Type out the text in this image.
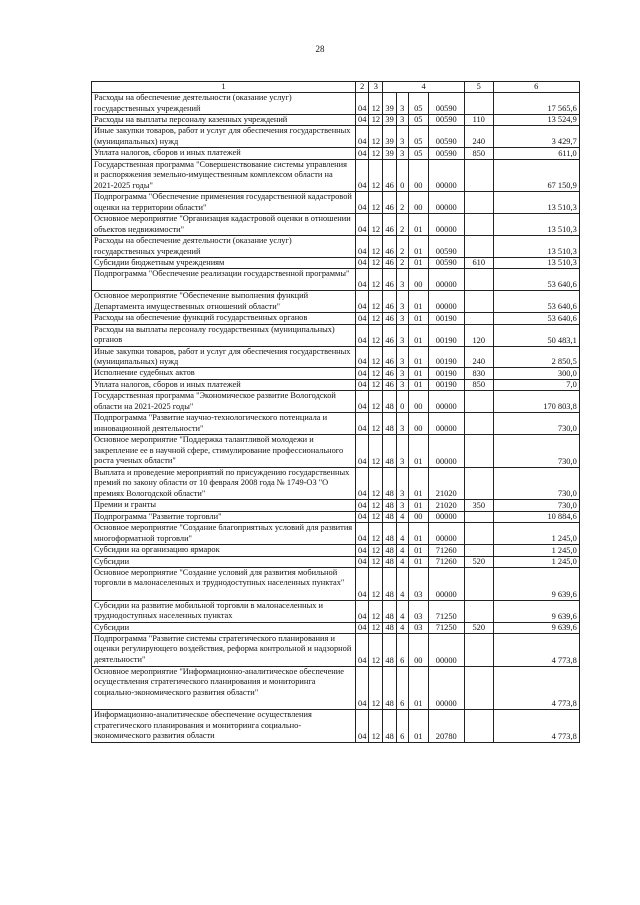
28
1	2	3	4				5	6
Расходы на обеспечение деятельности (оказание услуг) государственных учреждений	04	12	39	3	05	00590		17 565,6
Расходы на выплаты персоналу казенных учреждений	04	12	39	3	05	00590	110	13 524,9
Иные закупки товаров, работ и услуг для обеспечения государственных (муниципальных) нужд	04	12	39	3	05	00590	240	3 429,7
Уплата налогов, сборов и иных платежей	04	12	39	3	05	00590	850	611,0
Государственная программа "Совершенствование системы управления и распоряжения земельно-имущественным комплексом области на 2021-2025 годы"	04	12	46	0	00	00000		67 150,9
Подпрограмма "Обеспечение применения государственной кадастровой оценки на территории области"	04	12	46	2	00	00000		13 510,3
Основное мероприятие "Организация кадастровой оценки в отношении объектов недвижимости"	04	12	46	2	01	00000		13 510,3
Расходы на обеспечение деятельности (оказание услуг) государственных учреждений	04	12	46	2	01	00590		13 510,3
Субсидии бюджетным учреждениям	04	12	46	2	01	00590	610	13 510,3
Подпрограмма "Обеспечение реализации государственной программы"	04	12	46	3	00	00000		53 640,6
Основное мероприятие "Обеспечение выполнения функций Департамента имущественных отношений области"	04	12	46	3	01	00000		53 640,6
Расходы на обеспечение функций государственных органов	04	12	46	3	01	00190		53 640,6
Расходы на выплаты персоналу государственных (муниципальных) органов	04	12	46	3	01	00190	120	50 483,1
Иные закупки товаров, работ и услуг для обеспечения государственных (муниципальных) нужд	04	12	46	3	01	00190	240	2 850,5
Исполнение судебных актов	04	12	46	3	01	00190	830	300,0
Уплата налогов, сборов и иных платежей	04	12	46	3	01	00190	850	7,0
Государственная программа "Экономическое развитие Вологодской области на 2021-2025 годы"	04	12	48	0	00	00000		170 803,8
Подпрограмма "Развитие научно-технологического потенциала и инновационной деятельности"	04	12	48	3	00	00000		730,0
Основное мероприятие "Поддержка талантливой молодежи и закрепление ее в научной сфере, стимулирование профессионального роста ученых области"	04	12	48	3	01	00000		730,0
Выплата и проведение мероприятий по присуждению государственных премий по закону области от 10 февраля 2008 года № 1749-ОЗ "О премиях Вологодской области"	04	12	48	3	01	21020		730,0
Премии и гранты	04	12	48	3	01	21020	350	730,0
Подпрограмма "Развитие торговли"	04	12	48	4	00	00000		10 884,6
Основное мероприятие "Создание благоприятных условий для развития многоформатной торговли"	04	12	48	4	01	00000		1 245,0
Субсидии на организацию ярмарок	04	12	48	4	01	71260		1 245,0
Субсидии	04	12	48	4	01	71260	520	1 245,0
Основное мероприятие "Создание условий для развития мобильной торговли в малонаселенных и труднодоступных населенных пунктах"	04	12	48	4	03	00000		9 639,6
Субсидии на развитие мобильной торговли в малонаселенных и труднодоступных населенных пунктах	04	12	48	4	03	71250		9 639,6
Субсидии	04	12	48	4	03	71250	520	9 639,6
Подпрограмма "Развитие системы стратегического планирования и оценки регулирующего воздействия, реформа контрольной и надзорной деятельности"	04	12	48	6	00	00000		4 773,8
Основное мероприятие "Информационно-аналитическое обеспечение осуществления стратегического планирования и мониторинга социально-экономического развития области"	04	12	48	6	01	00000		4 773,8
Информационно-аналитическое обеспечение осуществления стратегического планирования и мониторинга социально-экономического развития области	04	12	48	6	01	20780		4 773,8
